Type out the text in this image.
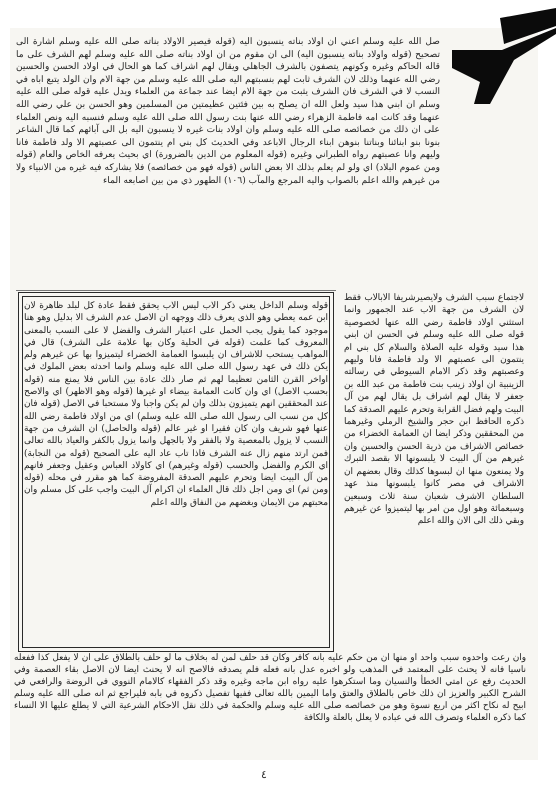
صل الله عليه وسلم اعني ان اولاد بناته ينسبون اليه (قوله فيصير الاولاد بناته صلى الله عليه وسلم اشارة الى تصحيح (قوله واولاد بناته ينسبون اليه) الى ان مقوم من ان اولاد بناته صلى الله عليه وسلم لهم الشرف على ما قاله الحاكم وغيره وكونهم يتصفون بالشرف الجاهلي ويقال لهم اشراف كما هو الحال في اولاد الحسن والحسين رضي الله عنهما وذلك لان الشرف ثابت لهم بنسبتهم اليه صلى الله عليه وسلم من جهة الام وان الولد يتبع اباه في النسب لا في الشرف فان الشرف يثبت من جهة الام ايضا عند جماعة من العلماء ويدل عليه قوله صلى الله عليه وسلم ان ابني هذا سيد ولعل الله ان يصلح به بين فئتين عظيمتين من المسلمين وهو الحسن بن علي رضي الله عنهما وقد كانت امه فاطمة الزهراء رضي الله عنها بنت رسول الله صلى الله عليه وسلم فنسبه اليه ونص العلماء على ان ذلك من خصائصه صلى الله عليه وسلم وان اولاد بنات غيره لا ينسبون اليه بل الى آبائهم كما قال الشاعر بنونا بنو ابنائنا وبناتنا بنوهن ابناء الرجال الاباعد وفي الحديث كل بني ام ينتمون الى عصبتهم الا ولد فاطمة فانا وليهم وانا عصبتهم رواه الطبراني وغيره (قوله المعلوم من الدين بالضرورة) اي بحيث يعرفه الخاص والعام (قوله ومن عموم البلاد) اي ولو لم يعلم بذلك الا بعض الناس (قوله فهو من خصائصه) فلا يشاركه فيه غيره من الانبياء ولا من غيرهم والله اعلم بالصواب واليه المرجع والمآب (١٠٦) الطهور ذي من بين اصابعه الماء

قوله وسلم الداخل يعني ذكر الاب ليس الاب يحقق فقط عادة كل لبلد ظاهرة لان ابن عمه يعطي وهو الذي يعرف ذلك ووجهه ان الاصل عدم الشرف الا بدليل وهو هنا موجود كما يقول يجب الحمل على اعتبار الشرف والفضل لا على النسب بالمعنى المعروف كما علمت (قوله في الحلية وكان بها علامة على الشرف) قال في المواهب يستحب للاشراف ان يلبسوا العمامة الخضراء ليتميزوا بها عن غيرهم ولم يكن ذلك في عهد رسول الله صلى الله عليه وسلم وانما احدثه بعض الملوك في اواخر القرن الثامن تعظيما لهم ثم صار ذلك عادة بين الناس فلا يمنع منه (قوله بحسب الاصل) اي وان كانت العمامة بيضاء او غيرها (قوله وهو الاظهر) اي والاصح عند المحققين انهم يتميزون بذلك وان لم يكن واجبا ولا مستحبا في الاصل (قوله فان كل من نسب الى رسول الله صلى الله عليه وسلم) اي من اولاد فاطمة رضي الله عنها فهو شريف وان كان فقيرا او غير عالم (قوله والحاصل) ان الشرف من جهة النسب لا يزول بالمعصية ولا بالفقر ولا بالجهل وانما يزول بالكفر والعياذ بالله تعالى فمن ارتد منهم زال عنه الشرف فاذا تاب عاد اليه على الصحيح (قوله من النجابة) اي الكرم والفضل والحسب (قوله وغيرهم) اي كاولاد العباس وعقيل وجعفر فانهم من آل البيت ايضا وتحرم عليهم الصدقة المفروضة كما هو مقرر في محله (قوله ومن ثم) اي ومن اجل ذلك قال العلماء ان اكرام آل البيت واجب على كل مسلم وان محبتهم من الايمان وبغضهم من النفاق والله اعلم
لاجتماع سبب الشرف ولايصيرشريفا الابالاب فقط لان الشرف من جهة الاب عند الجمهور وانما استثني اولاد فاطمة رضي الله عنها لخصوصية قوله صلى الله عليه وسلم في الحسن ان ابني هذا سيد وقوله عليه الصلاة والسلام كل بني ام ينتمون الى عصبتهم الا ولد فاطمة فانا وليهم وعصبتهم وقد ذكر الامام السيوطي في رسالته الزينبية ان اولاد زينب بنت فاطمة من عبد الله بن جعفر لا يقال لهم اشراف بل يقال لهم من آل البيت ولهم فضل القرابة وتحرم عليهم الصدقة كما ذكره الحافظ ابن حجر والشيخ الرملي وغيرهما من المحققين وذكر ايضا ان العمامة الخضراء من خصائص الاشراف من ذرية الحسن والحسين وان غيرهم من آل البيت لا يلبسونها الا بقصد التبرك ولا يمنعون منها ان لبسوها كذلك وقال بعضهم ان الاشراف في مصر كانوا يلبسونها منذ عهد السلطان الاشرف شعبان سنة ثلاث وسبعين وسبعمائة وهو اول من امر بها ليتميزوا عن غيرهم وبقي ذلك الى الان والله اعلم
وان رعت واحدوه سبب واحد او منها ان من حكم عليه بانه كافر وكان قد حلف لمن له بخلاف ما لو حلف بالطلاق على ان لا يفعل كذا ففعله ناسيا فانه لا يحنث على المعتمد في المذهب ولو اخبره عدل بانه فعله فلم يصدقه فالاصح انه لا يحنث ايضا لان الاصل بقاء العصمة وفي الحديث رفع عن امتي الخطأ والنسيان وما استكرهوا عليه رواه ابن ماجه وغيره وقد ذكر الفقهاء كالامام النووي في الروضة والرافعي في الشرح الكبير والعزيز ان ذلك خاص بالطلاق والعتق واما اليمين بالله تعالى ففيها تفصيل ذكروه في بابه فليراجع ثم انه صلى الله عليه وسلم ابيح له نكاح اكثر من اربع نسوة وهو من خصائصه صلى الله عليه وسلم والحكمة في ذلك نقل الاحكام الشرعية التي لا يطلع عليها الا النساء كما ذكره العلماء وتصرف الله في عباده لا يعلل بالعلة والكافة
٤
